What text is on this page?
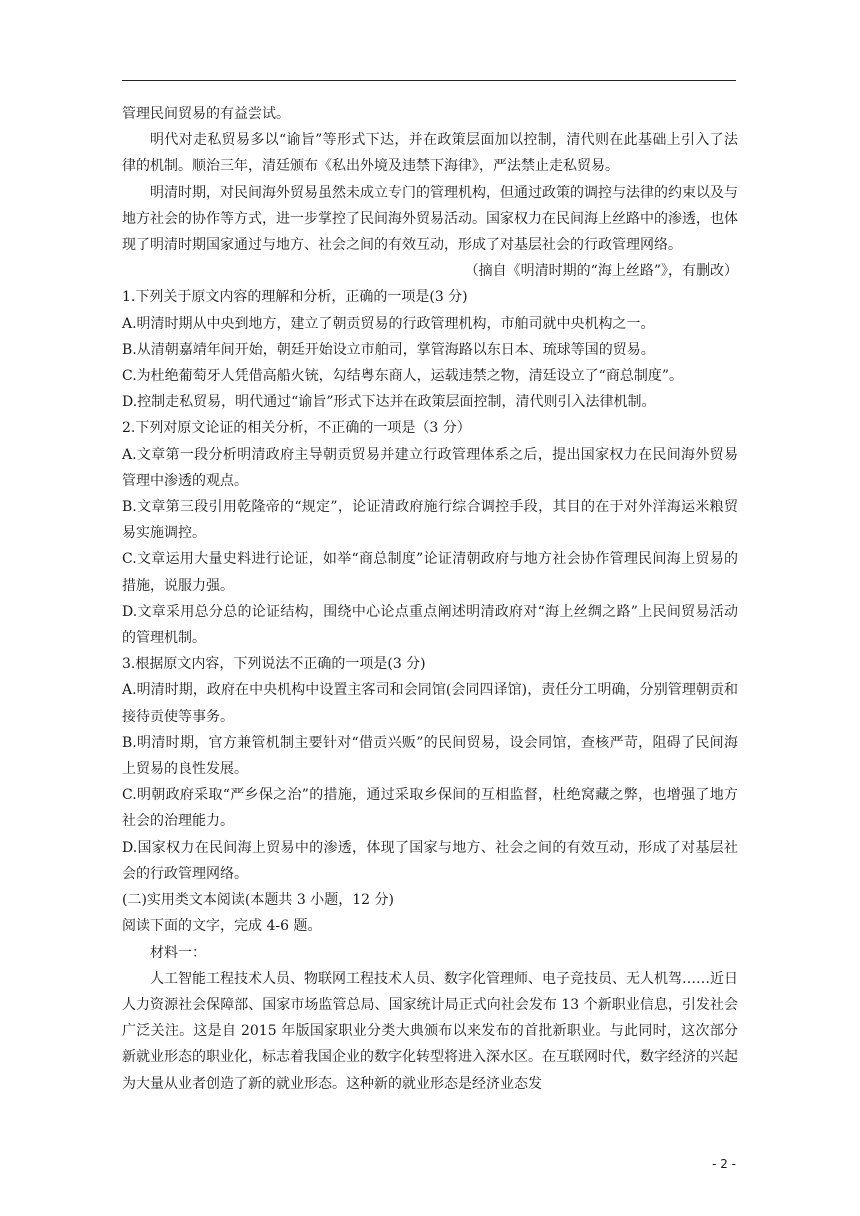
管理民间贸易的有益尝试。

明代对走私贸易多以“谕旨”等形式下达，并在政策层面加以控制，清代则在此基础上引入了法律的机制。顺治三年，清廷颁布《私出外境及违禁下海律》，严法禁止走私贸易。

明清时期，对民间海外贸易虽然未成立专门的管理机构，但通过政策的调控与法律的约束以及与地方社会的协作等方式，进一步掌控了民间海外贸易活动。国家权力在民间海上丝路中的渗透，也体现了明清时期国家通过与地方、社会之间的有效互动，形成了对基层社会的行政管理网络。

（摘自《明清时期的“海上丝路”》，有删改）

1.下列关于原文内容的理解和分析，正确的一项是(3 分)

A.明清时期从中央到地方，建立了朝贡贸易的行政管理机构，市舶司就中央机构之一。

B.从清朝嘉靖年间开始，朝廷开始设立市舶司，掌管海路以东日本、琉球等国的贸易。

C.为杜绝葡萄牙人凭借高船火铳，勾结粤东商人，运载违禁之物，清廷设立了“商总制度”。

D.控制走私贸易，明代通过“谕旨”形式下达并在政策层面控制，清代则引入法律机制。

2.下列对原文论证的相关分析，不正确的一项是（3 分）

A.文章第一段分析明清政府主导朝贡贸易并建立行政管理体系之后，提出国家权力在民间海外贸易管理中渗透的观点。

B.文章第三段引用乾隆帝的“规定”，论证清政府施行综合调控手段，其目的在于对外洋海运米粮贸易实施调控。

C.文章运用大量史料进行论证，如举“商总制度”论证清朝政府与地方社会协作管理民间海上贸易的措施，说服力强。

D.文章采用总分总的论证结构，围绕中心论点重点阐述明清政府对“海上丝绸之路”上民间贸易活动的管理机制。

3.根据原文内容，下列说法不正确的一项是(3 分)

A.明清时期，政府在中央机构中设置主客司和会同馆(会同四译馆)，责任分工明确，分别管理朝贡和接待贡使等事务。

B.明清时期，官方兼管机制主要针对“借贡兴贩”的民间贸易，设会同馆，查核严苛，阻碍了民间海上贸易的良性发展。

C.明朝政府采取“严乡保之治”的措施，通过采取乡保间的互相监督，杜绝窝藏之弊，也增强了地方社会的治理能力。

D.国家权力在民间海上贸易中的渗透，体现了国家与地方、社会之间的有效互动，形成了对基层社会的行政管理网络。

(二)实用类文本阅读(本题共 3 小题，12 分)

阅读下面的文字，完成 4-6 题。

材料一：

人工智能工程技术人员、物联网工程技术人员、数字化管理师、电子竞技员、无人机驾……近日人力资源社会保障部、国家市场监管总局、国家统计局正式向社会发布 13 个新职业信息，引发社会广泛关注。这是自 2015 年版国家职业分类大典颁布以来发布的首批新职业。与此同时，这次部分新就业形态的职业化，标志着我国企业的数字化转型将进入深水区。在互联网时代，数字经济的兴起为大量从业者创造了新的就业形态。这种新的就业形态是经济业态发

- 2 -
